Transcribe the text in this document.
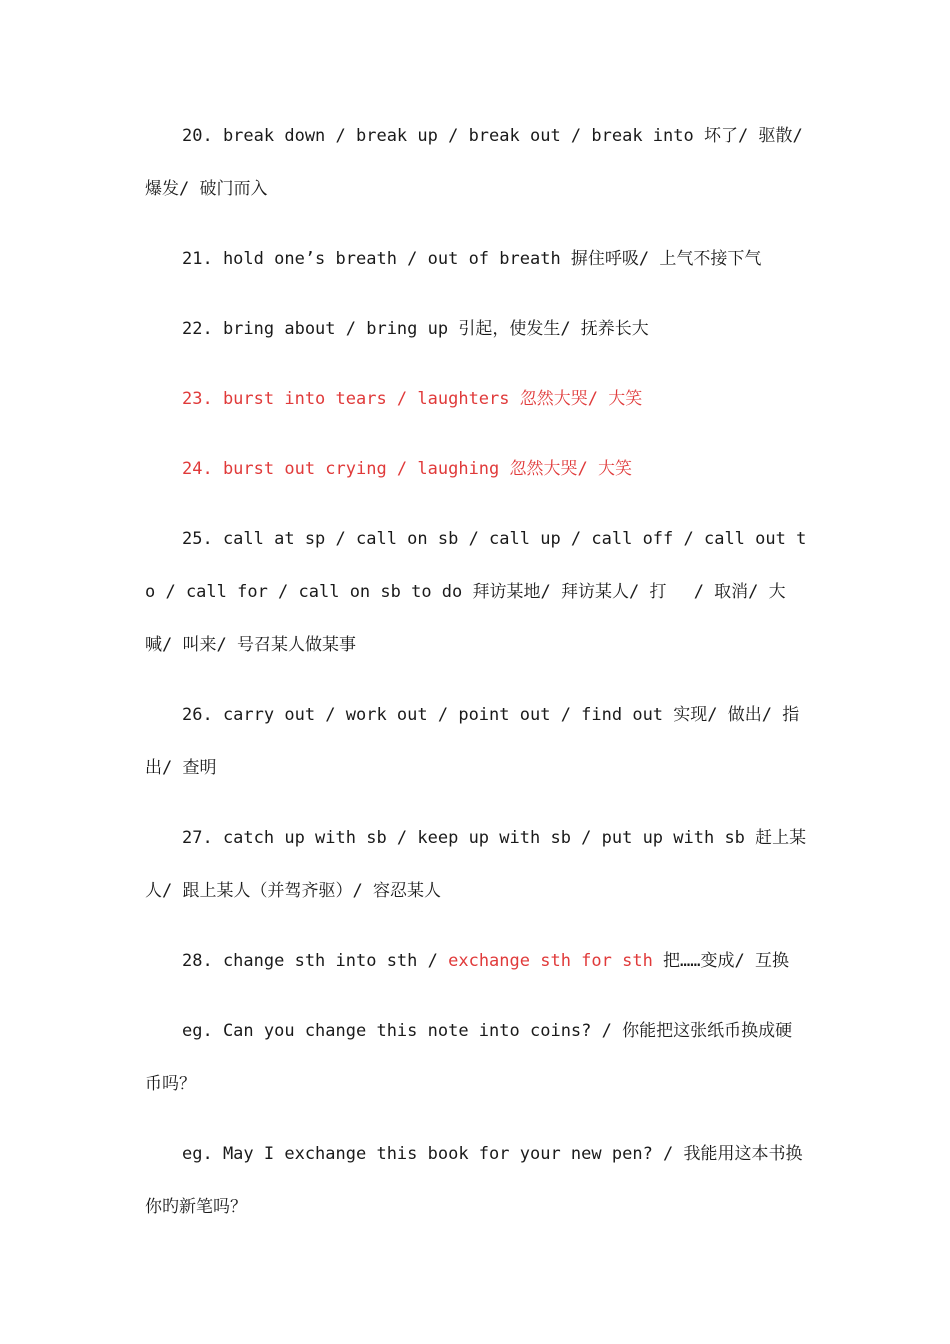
20. break down / break up / break out / break into 坏了/ 驱散/ 爆发/ 破门而入

21. hold one’s breath / out of breath 摒住呼吸/ 上气不接下气

22. bring about / bring up 引起，使发生/ 抚养长大

23. burst into tears / laughters 忽然大哭/ 大笑

24. burst out crying / laughing 忽然大哭/ 大笑

25. call at sp / call on sb / call up / call off / call out to / call for / call on sb to do 拜访某地/ 拜访某人/ 打　 / 取消/ 大喊/ 叫来/ 号召某人做某事

26. carry out / work out / point out / find out 实现/ 做出/ 指出/ 查明

27. catch up with sb / keep up with sb / put up with sb 赶上某人/ 跟上某人（并驾齐驱）/ 容忍某人

28. change sth into sth / exchange sth for sth 把……变成/ 互换

eg. Can you change this note into coins? / 你能把这张纸币换成硬币吗？

eg. May I exchange this book for your new pen? / 我能用这本书换你旳新笔吗？
